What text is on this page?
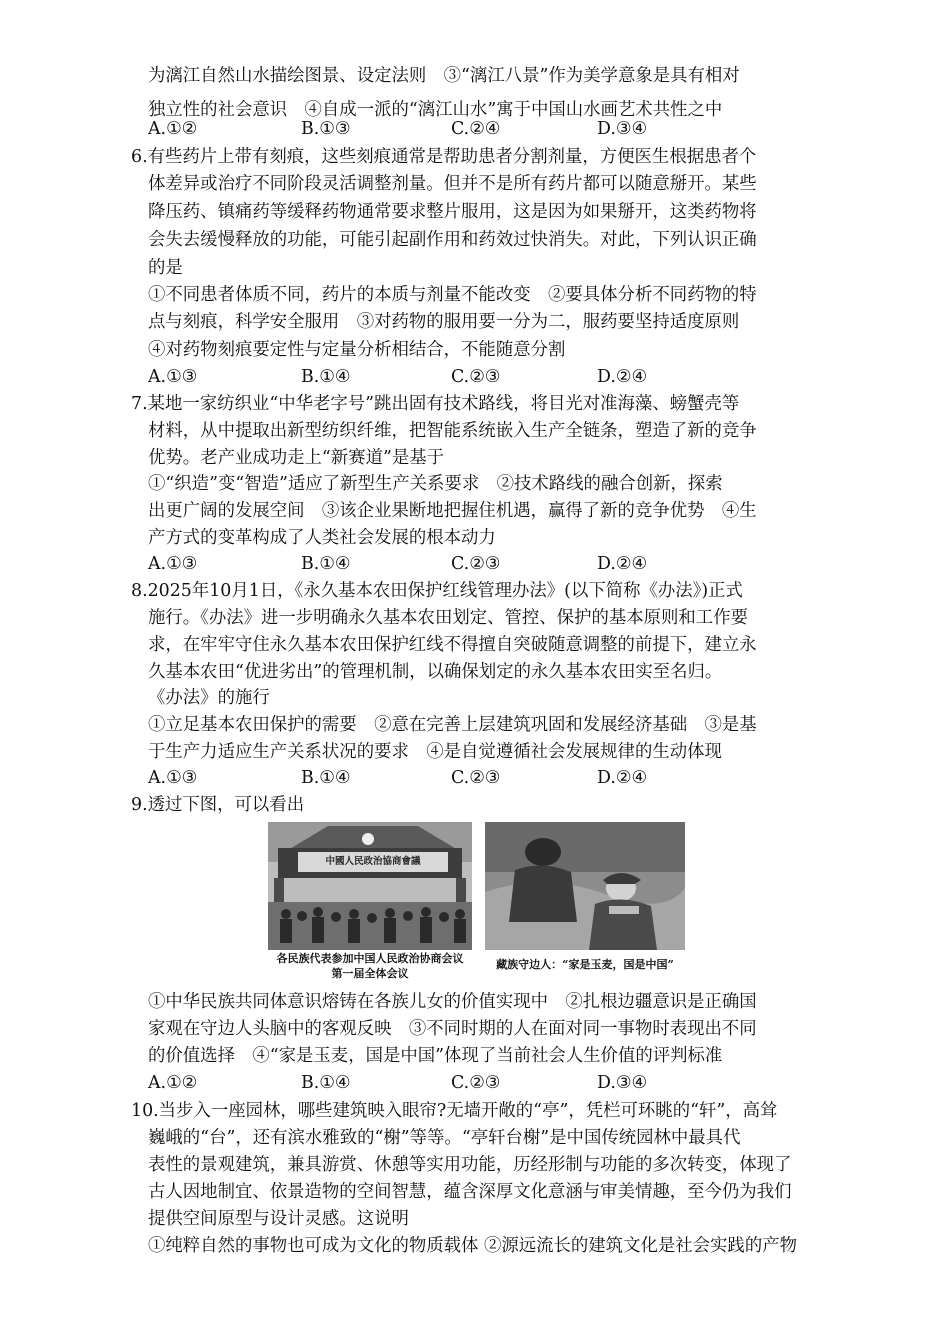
为漓江自然山水描绘图景、设定法则　③“漓江八景”作为美学意象是具有相对
独立性的社会意识　④自成一派的“漓江山水”寓于中国山水画艺术共性之中
A.①②	B.①③	C.②④	D.③④
6.有些药片上带有刻痕，这些刻痕通常是帮助患者分割剂量，方便医生根据患者个
体差异或治疗不同阶段灵活调整剂量。但并不是所有药片都可以随意掰开。某些
降压药、镇痛药等缓释药物通常要求整片服用，这是因为如果掰开，这类药物将
会失去缓慢释放的功能，可能引起副作用和药效过快消失。对此，下列认识正确
的是
①不同患者体质不同，药片的本质与剂量不能改变　②要具体分析不同药物的特
点与刻痕，科学安全服用　③对药物的服用要一分为二，服药要坚持适度原则
④对药物刻痕要定性与定量分析相结合，不能随意分割
A.①③	B.①④	C.②③	D.②④
7.某地一家纺织业“中华老字号”跳出固有技术路线，将目光对准海藻、螃蟹壳等
材料，从中提取出新型纺织纤维，把智能系统嵌入生产全链条，塑造了新的竞争
优势。老产业成功走上“新赛道”是基于
①“织造”变“智造”适应了新型生产关系要求　②技术路线的融合创新，探索
出更广阔的发展空间　③该企业果断地把握住机遇，赢得了新的竞争优势　④生
产方式的变革构成了人类社会发展的根本动力
A.①③	B.①④	C.②③	D.②④
8.2025年10月1日，《永久基本农田保护红线管理办法》(以下简称《办法》)正式
施行。《办法》进一步明确永久基本农田划定、管控、保护的基本原则和工作要
求，在牢牢守住永久基本农田保护红线不得擅自突破随意调整的前提下，建立永
久基本农田“优进劣出”的管理机制，以确保划定的永久基本农田实至名归。
《办法》的施行
①立足基本农田保护的需要　②意在完善上层建筑巩固和发展经济基础　③是基
于生产力适应生产关系状况的要求　④是自觉遵循社会发展规律的生动体现
A.①③	B.①④	C.②③	D.②④
9.透过下图，可以看出
中國人民政治協商會議
各民族代表参加中国人民政治协商会议
第一届全体会议
藏族守边人：“家是玉麦，国是中国”
①中华民族共同体意识熔铸在各族儿女的价值实现中　②扎根边疆意识是正确国
家观在守边人头脑中的客观反映　③不同时期的人在面对同一事物时表现出不同
的价值选择　④“家是玉麦，国是中国”体现了当前社会人生价值的评判标准
A.①②	B.①④	C.②③	D.③④
10.当步入一座园林，哪些建筑映入眼帘?无墙开敞的“亭”，凭栏可环眺的“轩”，高耸
巍峨的“台”，还有滨水雅致的“榭”等等。“亭轩台榭”是中国传统园林中最具代
表性的景观建筑，兼具游赏、休憩等实用功能，历经形制与功能的多次转变，体现了
古人因地制宜、依景造物的空间智慧，蕴含深厚文化意涵与审美情趣，至今仍为我们
提供空间原型与设计灵感。这说明
①纯粹自然的事物也可成为文化的物质载体 ②源远流长的建筑文化是社会实践的产物
